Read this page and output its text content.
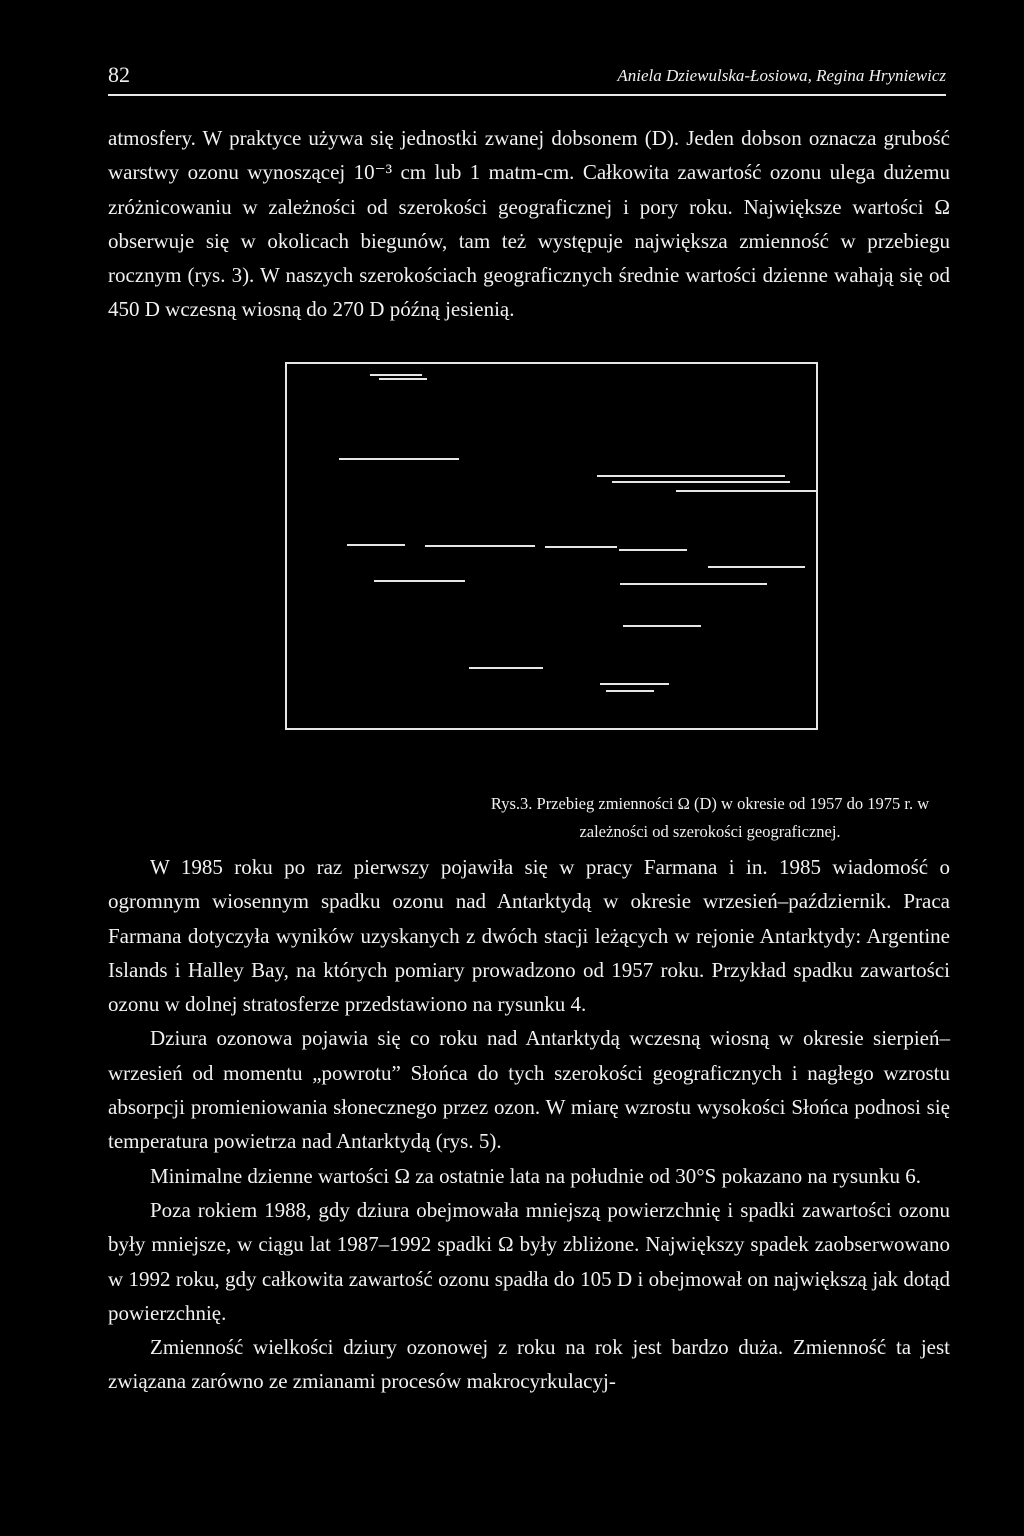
82	Aniela Dziewulska-Łosiowa, Regina Hryniewicz

atmosfery. W praktyce używa się jednostki zwanej dobsonem (D). Jeden dobson oznacza grubość warstwy ozonu wynoszącej 10⁻³ cm lub 1 matm-cm. Całkowita zawartość ozonu ulega dużemu zróżnicowaniu w zależności od szerokości geograficznej i pory roku. Największe wartości Ω obserwuje się w okolicach biegunów, tam też występuje największa zmienność w przebiegu rocznym (rys. 3). W naszych szerokościach geograficznych średnie wartości dzienne wahają się od 450 D wczesną wiosną do 270 D późną jesienią.

Rys.3. Przebieg zmienności Ω (D) w okresie od 1957 do 1975 r. w zależności od szerokości geograficznej.

W 1985 roku po raz pierwszy pojawiła się w pracy Farmana i in. 1985 wiadomość o ogromnym wiosennym spadku ozonu nad Antarktydą w okresie wrzesień–październik. Praca Farmana dotyczyła wyników uzyskanych z dwóch stacji leżących w rejonie Antarktydy: Argentine Islands i Halley Bay, na których pomiary prowadzono od 1957 roku. Przykład spadku zawartości ozonu w dolnej stratosferze przedstawiono na rysunku 4.

Dziura ozonowa pojawia się co roku nad Antarktydą wczesną wiosną w okresie sierpień–wrzesień od momentu „powrotu” Słońca do tych szerokości geograficznych i nagłego wzrostu absorpcji promieniowania słonecznego przez ozon. W miarę wzrostu wysokości Słońca podnosi się temperatura powietrza nad Antarktydą (rys. 5).

Minimalne dzienne wartości Ω za ostatnie lata na południe od 30°S pokazano na rysunku 6.

Poza rokiem 1988, gdy dziura obejmowała mniejszą powierzchnię i spadki zawartości ozonu były mniejsze, w ciągu lat 1987–1992 spadki Ω były zbliżone. Największy spadek zaobserwowano w 1992 roku, gdy całkowita zawartość ozonu spadła do 105 D i obejmował on największą jak dotąd powierzchnię.

Zmienność wielkości dziury ozonowej z roku na rok jest bardzo duża. Zmienność ta jest związana zarówno ze zmianami procesów makrocyrkulacyj-
